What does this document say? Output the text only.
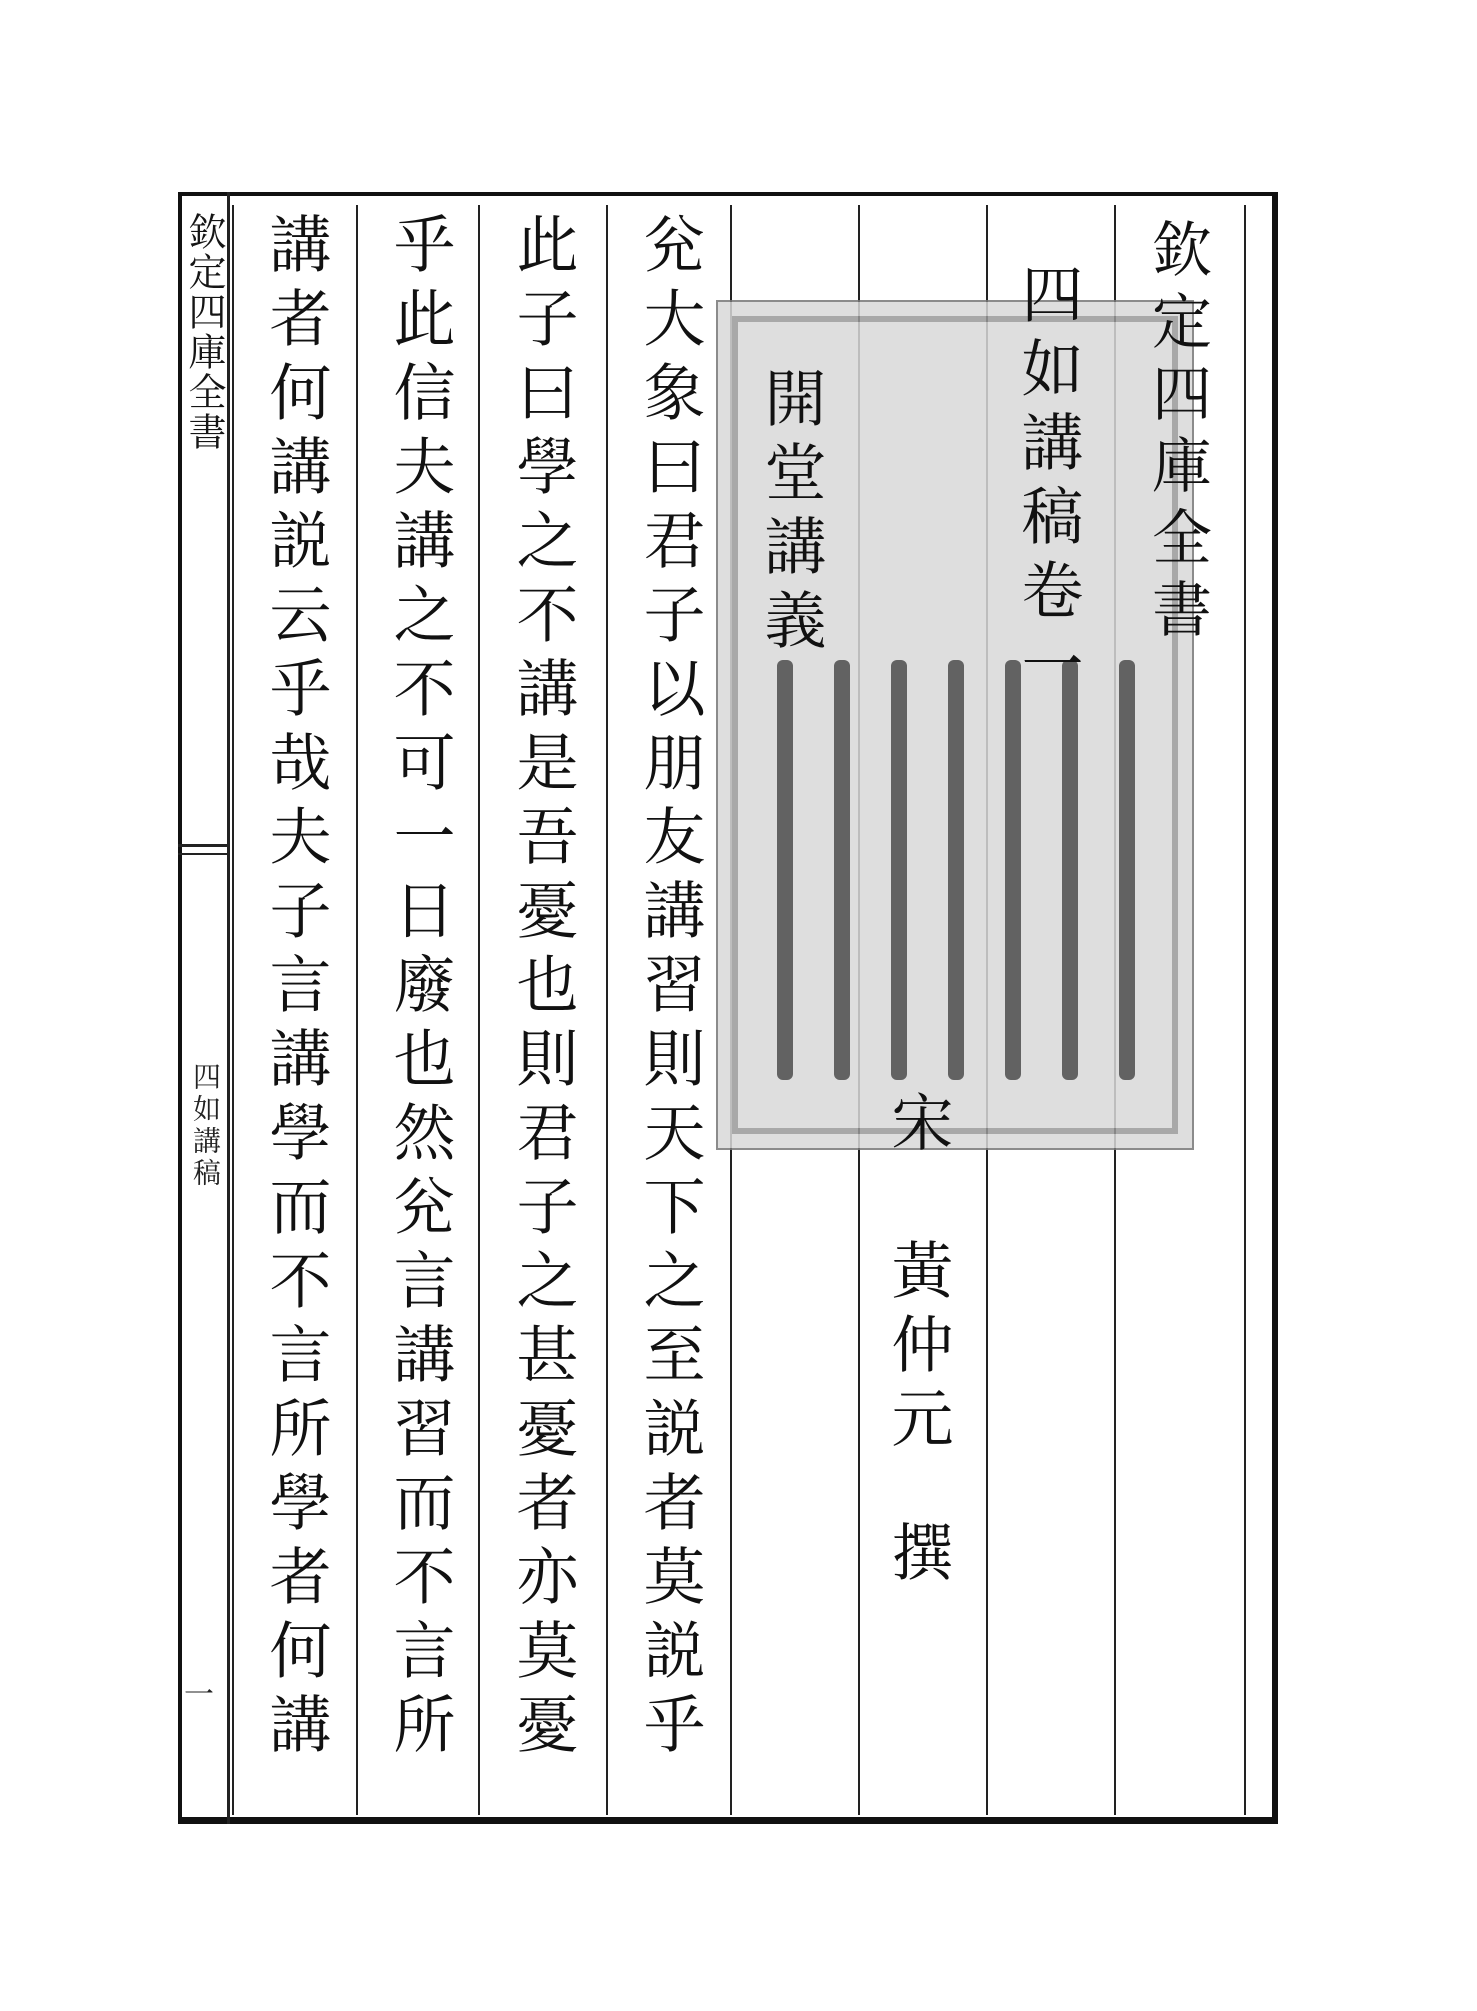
欽定四庫全書
四如講稿
一
欽定四庫全書
四如講稿卷一
開堂講義
宋
黃仲元
撰
兊大象曰君子以朋友講習則天下之至説者莫説乎
此子曰學之不講是吾憂也則君子之甚憂者亦莫憂
乎此信夫講之不可一日廢也然兊言講習而不言所
講者何講説云乎哉夫子言講學而不言所學者何講
